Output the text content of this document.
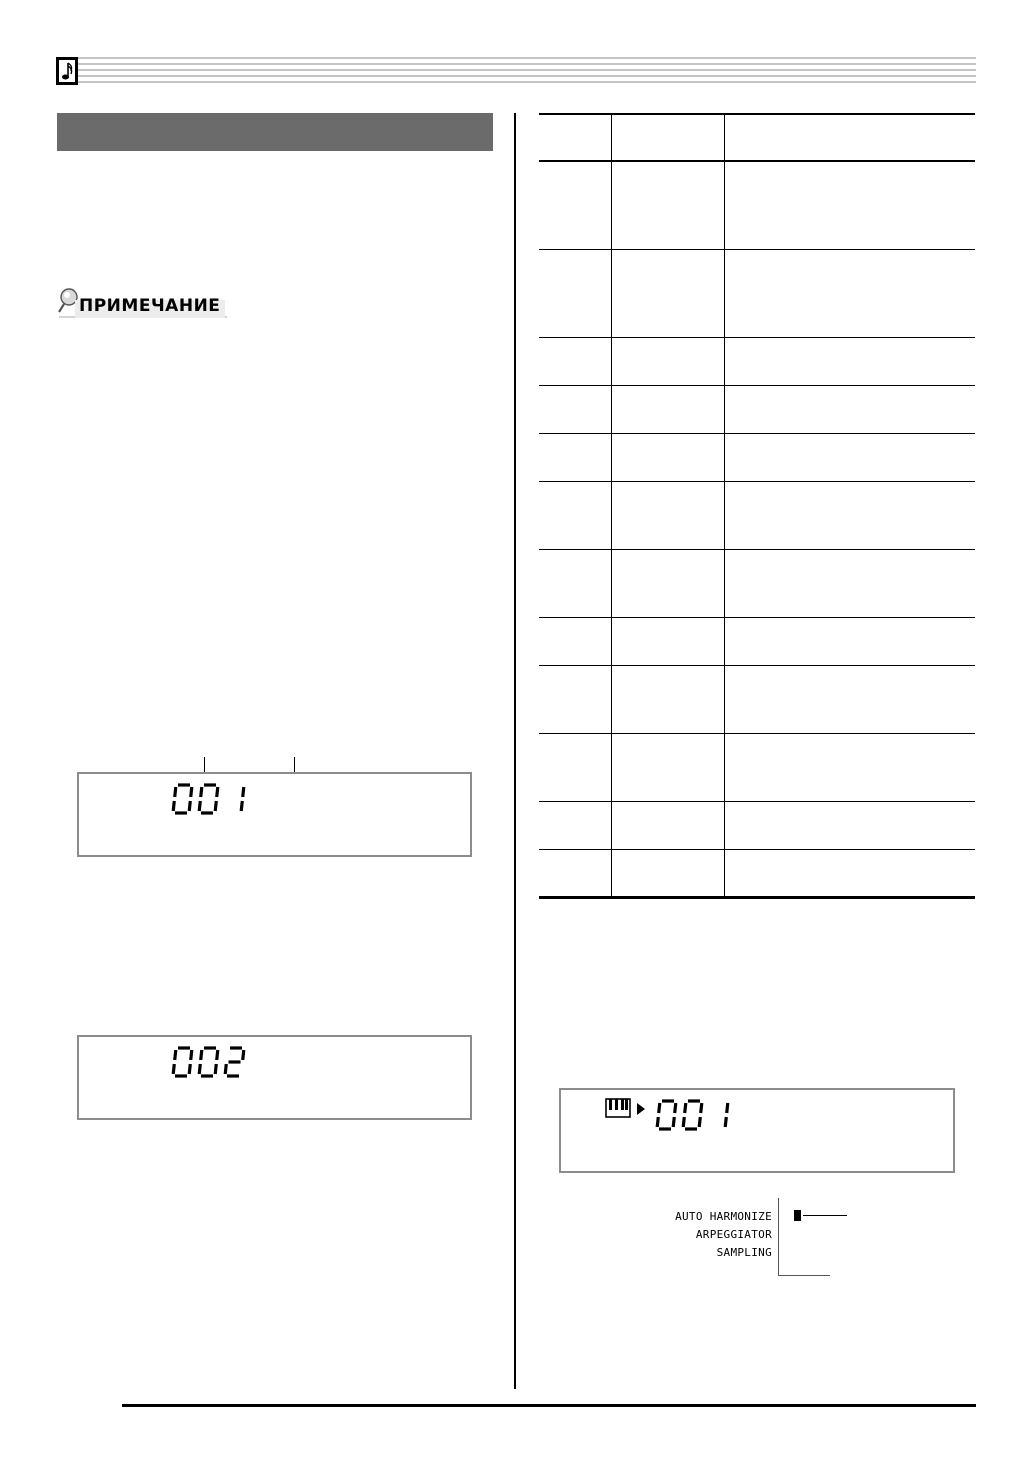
ПРИМЕЧАНИЕ
AUTO HARMONIZE
ARPEGGIATOR
SAMPLING
